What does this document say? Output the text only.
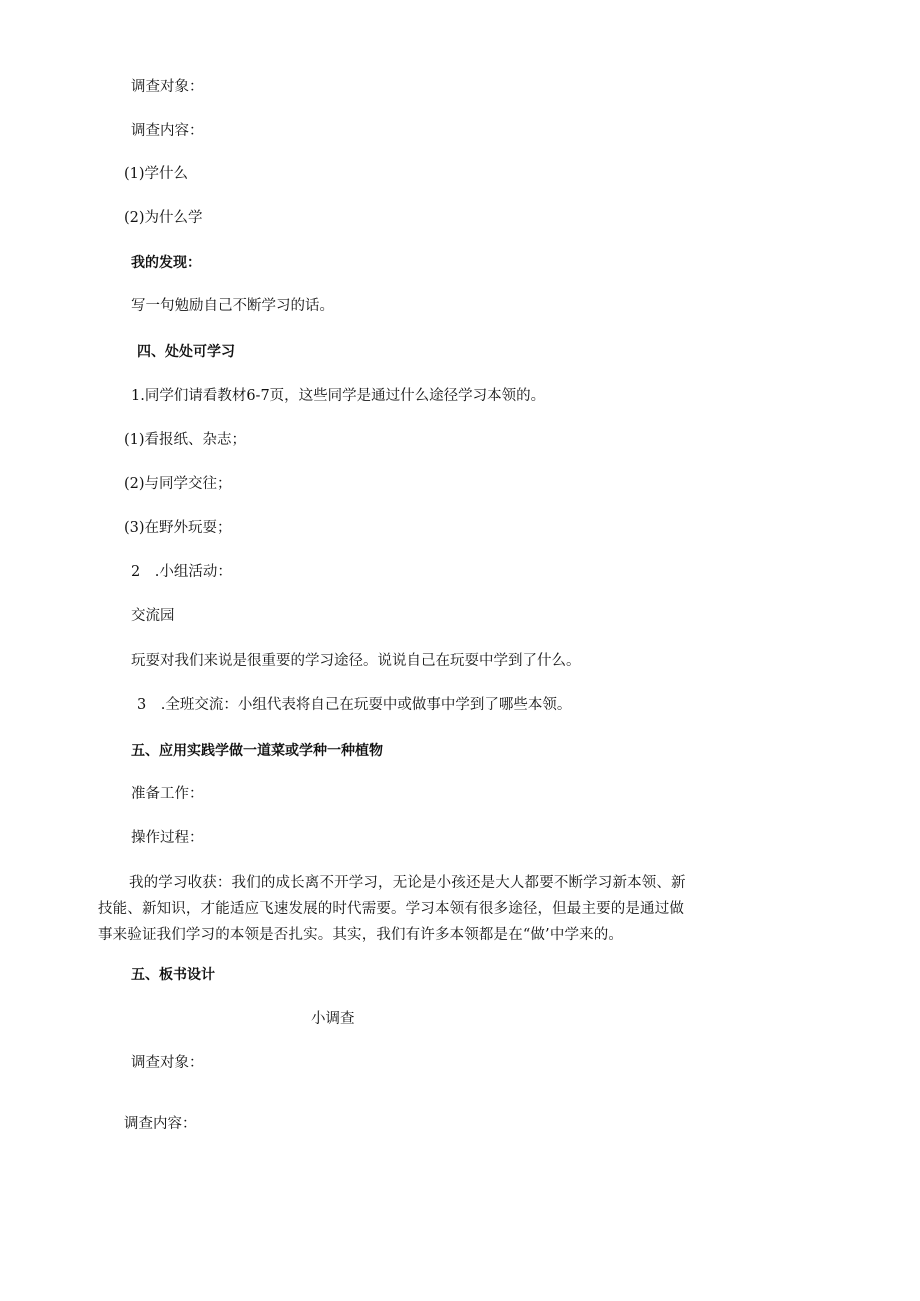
调查对象：

调查内容：

(1)学什么

(2)为什么学

我的发现：

写一句勉励自己不断学习的话。

四、处处可学习

1.同学们请看教材6-7页，这些同学是通过什么途径学习本领的。

(1)看报纸、杂志；

(2)与同学交往；

(3)在野外玩耍；

2　.小组活动：

交流园

玩耍对我们来说是很重要的学习途径。说说自己在玩耍中学到了什么。

3　.全班交流：小组代表将自己在玩耍中或做事中学到了哪些本领。

五、应用实践学做一道菜或学种一种植物

准备工作：

操作过程：

我的学习收获：我们的成长离不开学习，无论是小孩还是大人都要不断学习新本领、新技能、新知识，才能适应飞速发展的时代需要。学习本领有很多途径，但最主要的是通过做事来验证我们学习的本领是否扎实。其实，我们有许多本领都是在“做’中学来的。

五、板书设计

小调查

调查对象：

调查内容：
